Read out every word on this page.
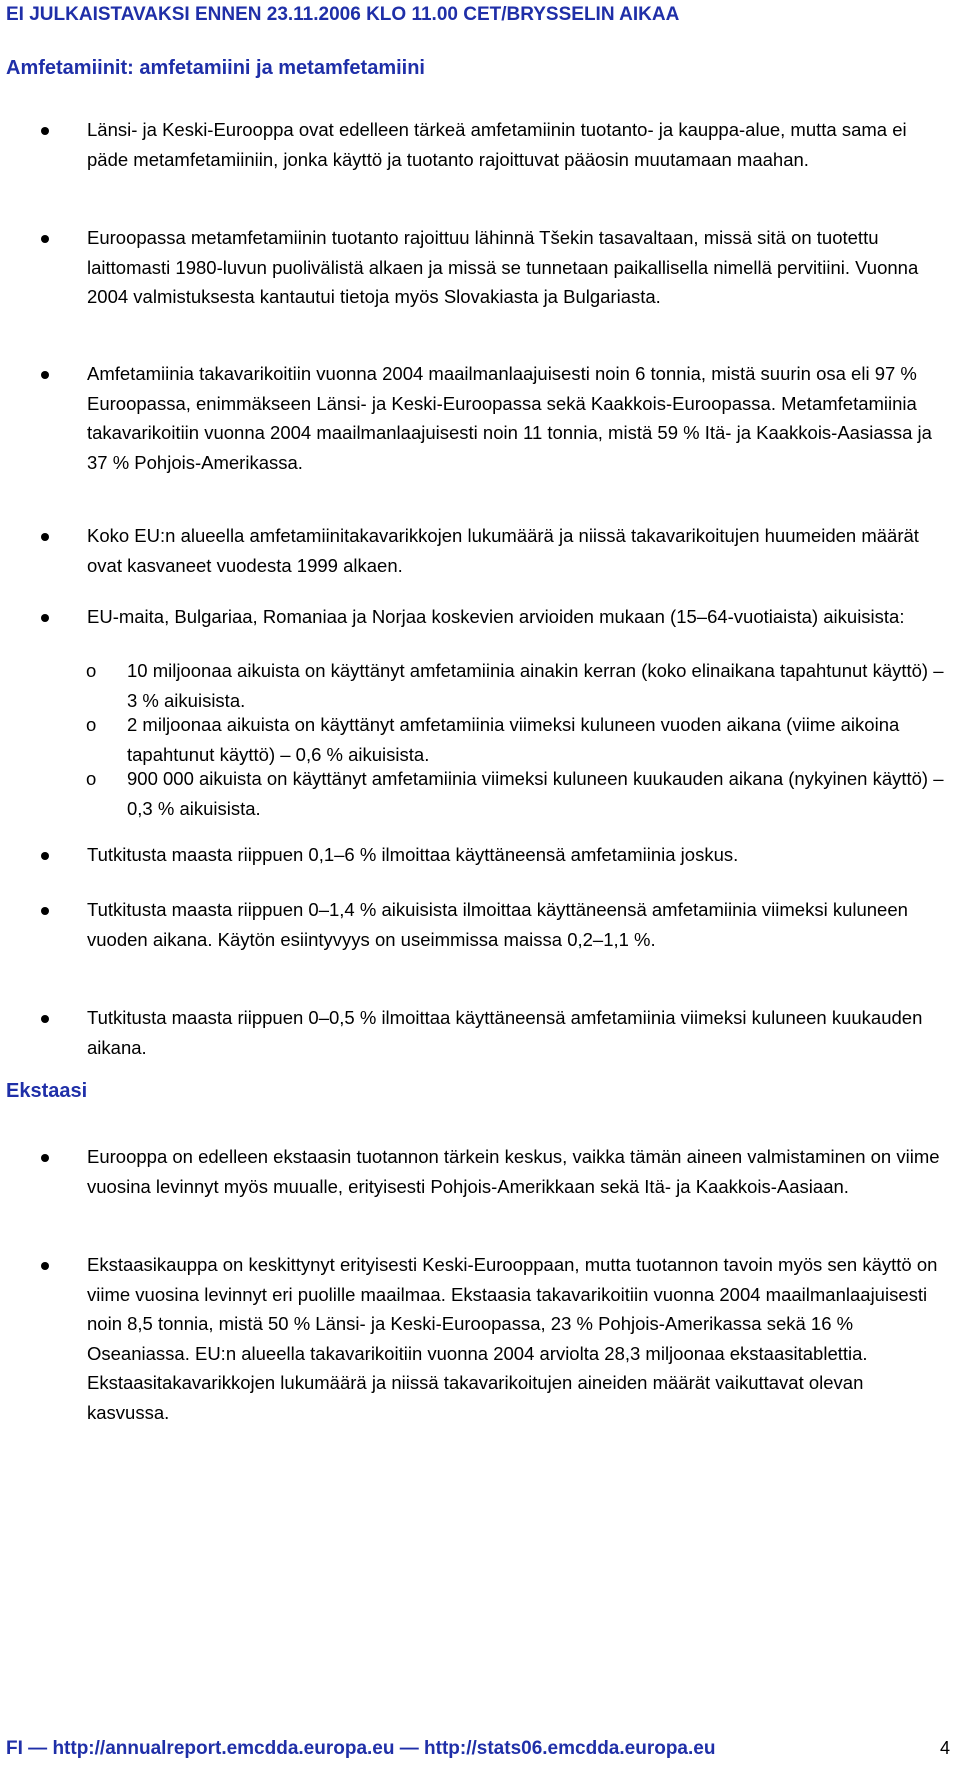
EI JULKAISTAVAKSI ENNEN 23.11.2006 KLO 11.00 CET/BRYSSELIN AIKAA
Amfetamiinit: amfetamiini ja metamfetamiini
Länsi- ja Keski-Eurooppa ovat edelleen tärkeä amfetamiinin tuotanto- ja kauppa-alue, mutta sama ei päde metamfetamiiniin, jonka käyttö ja tuotanto rajoittuvat pääosin muutamaan maahan.
Euroopassa metamfetamiinin tuotanto rajoittuu lähinnä Tšekin tasavaltaan, missä sitä on tuotettu laittomasti 1980-luvun puolivälistä alkaen ja missä se tunnetaan paikallisella nimellä pervitiini. Vuonna 2004 valmistuksesta kantautui tietoja myös Slovakiasta ja Bulgariasta.
Amfetamiinia takavarikoitiin vuonna 2004 maailmanlaajuisesti noin 6 tonnia, mistä suurin osa eli 97 % Euroopassa, enimmäkseen Länsi- ja Keski-Euroopassa sekä Kaakkois-Euroopassa. Metamfetamiinia takavarikoitiin vuonna 2004 maailmanlaajuisesti noin 11 tonnia, mistä 59 % Itä- ja Kaakkois-Aasiassa ja 37 % Pohjois-Amerikassa.
Koko EU:n alueella amfetamiinitakavarikkojen lukumäärä ja niissä takavarikoitujen huumeiden määrät ovat kasvaneet vuodesta 1999 alkaen.
EU-maita, Bulgariaa, Romaniaa ja Norjaa koskevien arvioiden mukaan (15–64-vuotiaista) aikuisista:
o 10 miljoonaa aikuista on käyttänyt amfetamiinia ainakin kerran (koko elinaikana tapahtunut käyttö) – 3 % aikuisista.
o 2 miljoonaa aikuista on käyttänyt amfetamiinia viimeksi kuluneen vuoden aikana (viime aikoina tapahtunut käyttö) – 0,6 % aikuisista.
o 900 000 aikuista on käyttänyt amfetamiinia viimeksi kuluneen kuukauden aikana (nykyinen käyttö) – 0,3 % aikuisista.
Tutkitusta maasta riippuen 0,1–6 % ilmoittaa käyttäneensä amfetamiinia joskus.
Tutkitusta maasta riippuen 0–1,4 % aikuisista ilmoittaa käyttäneensä amfetamiinia viimeksi kuluneen vuoden aikana. Käytön esiintyvyys on useimmissa maissa 0,2–1,1 %.
Tutkitusta maasta riippuen 0–0,5 % ilmoittaa käyttäneensä amfetamiinia viimeksi kuluneen kuukauden aikana.
Ekstaasi
Eurooppa on edelleen ekstaasin tuotannon tärkein keskus, vaikka tämän aineen valmistaminen on viime vuosina levinnyt myös muualle, erityisesti Pohjois-Amerikkaan sekä Itä- ja Kaakkois-Aasiaan.
Ekstaasikauppa on keskittynyt erityisesti Keski-Eurooppaan, mutta tuotannon tavoin myös sen käyttö on viime vuosina levinnyt eri puolille maailmaa. Ekstaasia takavarikoitiin vuonna 2004 maailmanlaajuisesti noin 8,5 tonnia, mistä 50 % Länsi- ja Keski-Euroopassa, 23 % Pohjois-Amerikassa sekä 16 % Oseaniassa. EU:n alueella takavarikoitiin vuonna 2004 arviolta 28,3 miljoonaa ekstaasitablettia. Ekstaasitakavarikkojen lukumäärä ja niissä takavarikoitujen aineiden määrät vaikuttavat olevan kasvussa.
FI — http://annualreport.emcdda.europa.eu — http://stats06.emcdda.europa.eu	4
